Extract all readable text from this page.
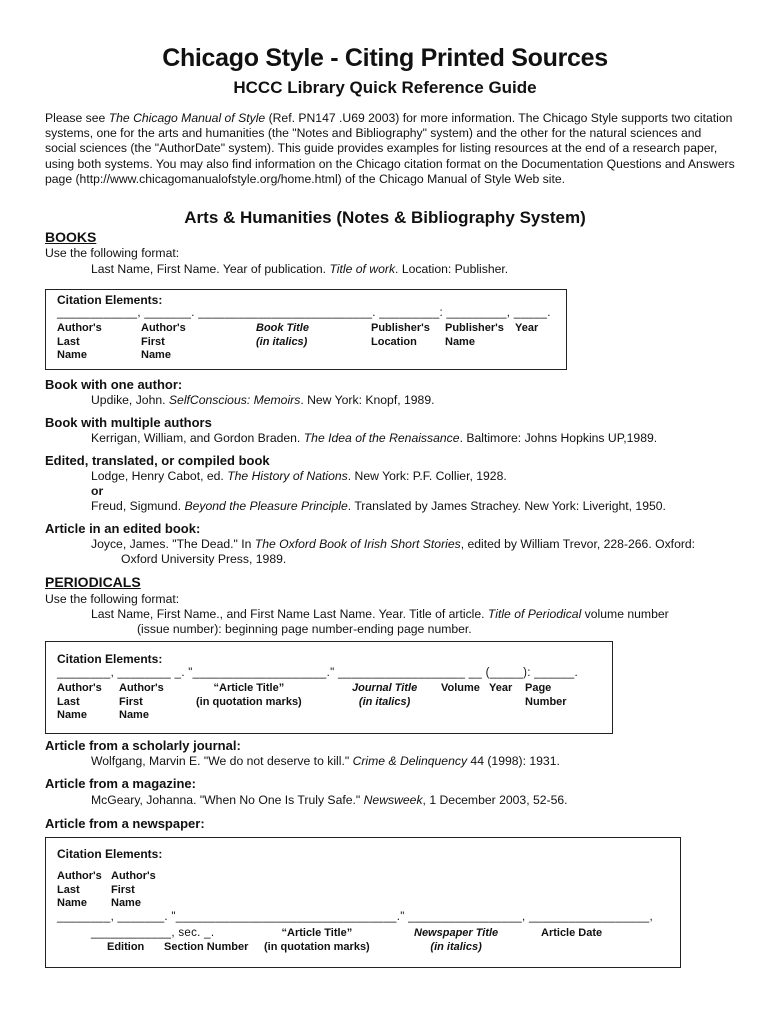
Chicago Style - Citing Printed Sources
HCCC Library Quick Reference Guide
Please see The Chicago Manual of Style (Ref. PN147 .U69 2003) for more information. The Chicago Style supports two citation systems, one for the arts and humanities (the "Notes and Bibliography" system) and the other for the natural sciences and social sciences (the "AuthorDate" system). This guide provides examples for listing resources at the end of a research paper, using both systems. You may also find information on the Chicago citation format on the Documentation Questions and Answers page (http://www.chicagomanualofstyle.org/home.html) of the Chicago Manual of Style Web site.
Arts & Humanities (Notes & Bibliography System)
BOOKS
Use the following format:
Last Name, First Name. Year of publication. Title of work. Location: Publisher.
Citation Elements:
____________, _______. __________________________. _________: _________, _____.
Author's
Last
Name
Author's
First
Name
Book Title
(in italics)
Publisher's
Location
Publisher's
Name
Year
Book with one author:
Updike, John. SelfConscious: Memoirs. New York: Knopf, 1989.
Book with multiple authors
Kerrigan, William, and Gordon Braden. The Idea of the Renaissance. Baltimore: Johns Hopkins UP,1989.
Edited, translated, or compiled book
Lodge, Henry Cabot, ed. The History of Nations. New York: P.F. Collier, 1928.
or
Freud, Sigmund. Beyond the Pleasure Principle. Translated by James Strachey. New York: Liveright, 1950.
Article in an edited book:
Joyce, James. "The Dead." In The Oxford Book of Irish Short Stories, edited by William Trevor, 228-266. Oxford:
Oxford University Press, 1989.
PERIODICALS
Use the following format:
Last Name, First Name., and First Name Last Name. Year. Title of article. Title of Periodical volume number
(issue number): beginning page number-ending page number.
Citation Elements:
________, ________ _. "____________________." ___________________ __ (_____): ______.
Author's
Last
Name
Author's
First
Name
“Article Title”
(in quotation marks)
Journal Title
(in italics)
Volume Year Page
Number
Article from a scholarly journal:
Wolfgang, Marvin E. "We do not deserve to kill." Crime & Delinquency 44 (1998): 1931.
Article from a magazine:
McGeary, Johanna. "When No One Is Truly Safe." Newsweek, 1 December 2003, 52-56.
Article from a newspaper:
Citation Elements:
Author's
Last
Name
Author's
First
Name
________, _______. "_________________________________." _________________, __________________,
____________, sec. _.	“Article Title”
(in quotation marks)
Newspaper Title
(in italics)
Article Date
Edition Section Number
